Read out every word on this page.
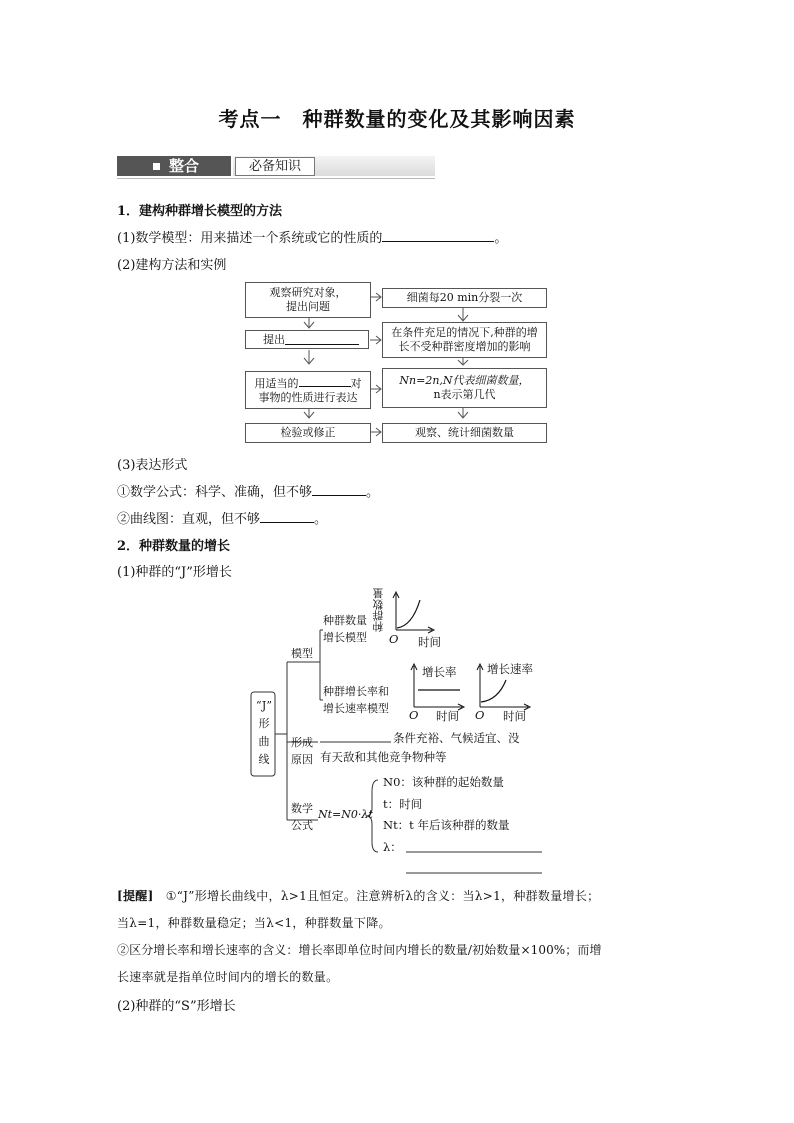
考点一　种群数量的变化及其影响因素
整合	必备知识
1．建构种群增长模型的方法
(1)数学模型：用来描述一个系统或它的性质的	。
(2)建构方法和实例
观察研究对象，
提出问题
提出
用适当的	对
事物的性质进行表达
检验或修正
细菌每20 min分裂一次
在条件充足的情况下,种群的增
长不受种群密度增加的影响
Nn=2n,N代表细菌数量，
n表示第几代
观察、统计细菌数量
(3)表达形式
①数学公式：科学、准确，但不够	。
②曲线图：直观，但不够	。
2．种群数量的增长
(1)种群的“J”形增长
“J”
形
曲
线
模型
种群数量
增长模型
种群数量
O 时间
种群增长率和
增长速率模型
增长率
O 时间
增长速率
O 时间
形成
原因
条件充裕、气候适宜、没
有天敌和其他竞争物种等
数学
公式
Nt=N0·λt
N0：该种群的起始数量
t：时间
Nt：t 年后该种群的数量
λ：
[提醒] ①“J”形增长曲线中，λ>1且恒定。注意辨析λ的含义：当λ>1，种群数量增长；
当λ=1，种群数量稳定；当λ<1，种群数量下降。
②区分增长率和增长速率的含义：增长率即单位时间内增长的数量/初始数量×100%；而增
长速率就是指单位时间内的增长的数量。
(2)种群的“S”形增长
